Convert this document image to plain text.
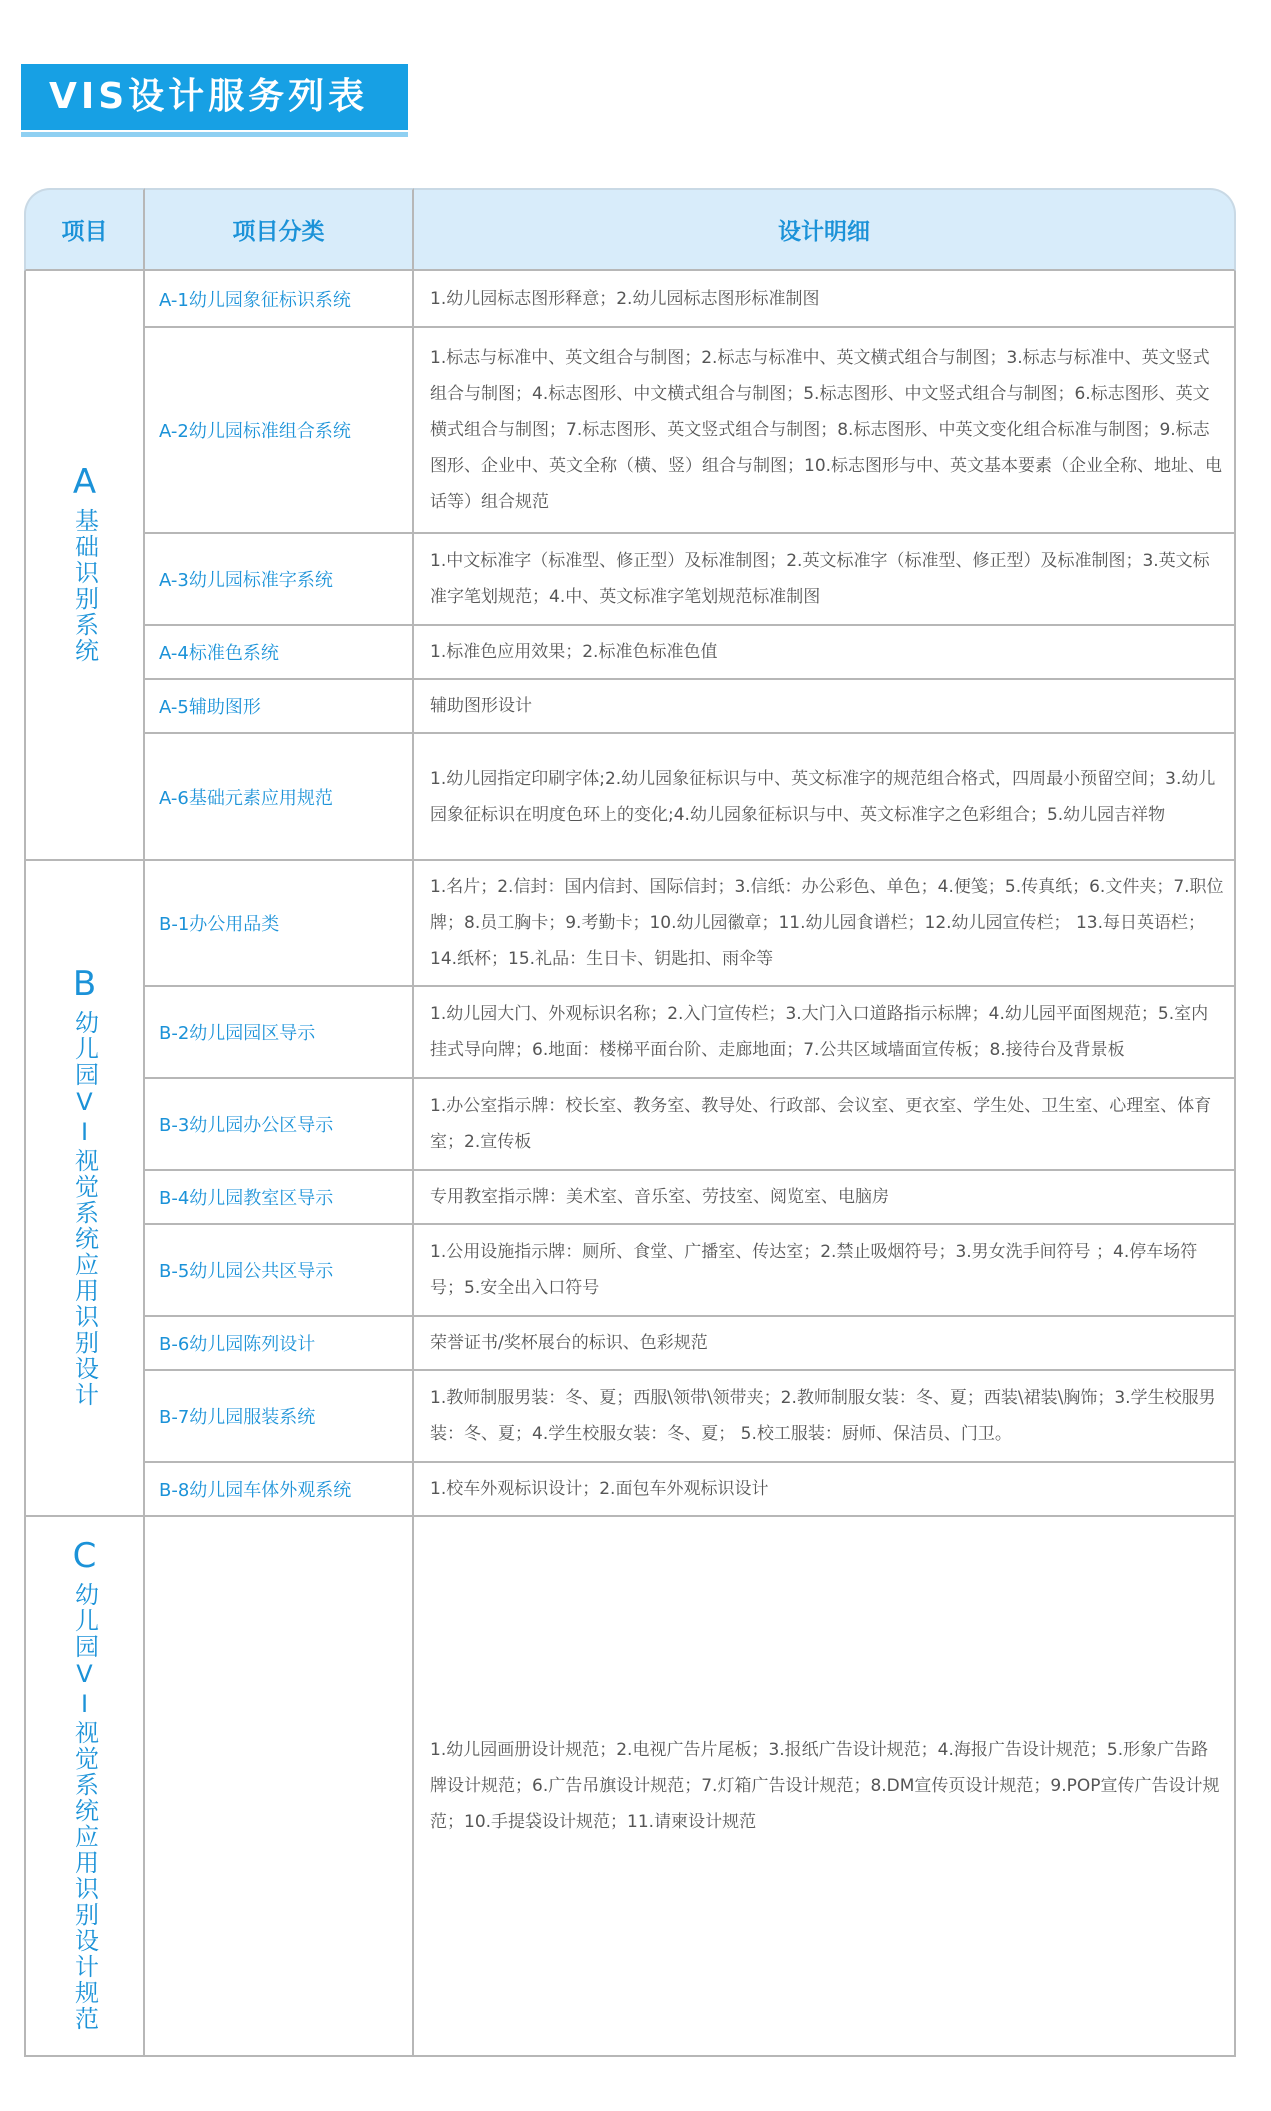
VIS设计服务列表
项目	项目分类	设计明细

A
基础识别系统	A-1幼儿园象征标识系统	1.幼儿园标志图形释意；2.幼儿园标志图形标准制图
	A-2幼儿园标准组合系统	1.标志与标准中、英文组合与制图；2.标志与标准中、英文横式组合与制图；3.标志与标准中、英文竖式组合与制图；4.标志图形、中文横式组合与制图；5.标志图形、中文竖式组合与制图；6.标志图形、英文横式组合与制图；7.标志图形、英文竖式组合与制图；8.标志图形、中英文变化组合标准与制图；9.标志图形、企业中、英文全称（横、竖）组合与制图；10.标志图形与中、英文基本要素（企业全称、地址、电话等）组合规范
	A-3幼儿园标准字系统	1.中文标准字（标准型、修正型）及标准制图；2.英文标准字（标准型、修正型）及标准制图；3.英文标准字笔划规范；4.中、英文标准字笔划规范标准制图
	A-4标准色系统	1.标准色应用效果；2.标准色标准色值
	A-5辅助图形	辅助图形设计
	A-6基础元素应用规范	1.幼儿园指定印刷字体;2.幼儿园象征标识与中、英文标准字的规范组合格式，四周最小预留空间；3.幼儿园象征标识在明度色环上的变化;4.幼儿园象征标识与中、英文标准字之色彩组合；5.幼儿园吉祥物

B
幼儿园VI视觉系统应用识别设计	B-1办公用品类	1.名片；2.信封：国内信封、国际信封；3.信纸：办公彩色、单色；4.便笺；5.传真纸；6.文件夹；7.职位牌；8.员工胸卡；9.考勤卡；10.幼儿园徽章；11.幼儿园食谱栏；12.幼儿园宣传栏； 13.每日英语栏；14.纸杯；15.礼品：生日卡、钥匙扣、雨伞等
	B-2幼儿园园区导示	1.幼儿园大门、外观标识名称；2.入门宣传栏；3.大门入口道路指示标牌；4.幼儿园平面图规范；5.室内挂式导向牌；6.地面：楼梯平面台阶、走廊地面；7.公共区域墙面宣传板；8.接待台及背景板
	B-3幼儿园办公区导示	1.办公室指示牌：校长室、教务室、教导处、行政部、会议室、更衣室、学生处、卫生室、心理室、体育室；2.宣传板
	B-4幼儿园教室区导示	专用教室指示牌：美术室、音乐室、劳技室、阅览室、电脑房
	B-5幼儿园公共区导示	1.公用设施指示牌：厕所、食堂、广播室、传达室；2.禁止吸烟符号；3.男女洗手间符号 ；4.停车场符号；5.安全出入口符号
	B-6幼儿园陈列设计	荣誉证书/奖杯展台的标识、色彩规范
	B-7幼儿园服装系统	1.教师制服男装：冬、夏；西服\领带\领带夹；2.教师制服女装：冬、夏；西装\裙装\胸饰；3.学生校服男装：冬、夏；4.学生校服女装：冬、夏； 5.校工服装：厨师、保洁员、门卫。
	B-8幼儿园车体外观系统	1.校车外观标识设计；2.面包车外观标识设计

C
幼儿园VI视觉系统应用识别设计规范		1.幼儿园画册设计规范；2.电视广告片尾板；3.报纸广告设计规范；4.海报广告设计规范；5.形象广告路牌设计规范；6.广告吊旗设计规范；7.灯箱广告设计规范；8.DM宣传页设计规范；9.POP宣传广告设计规范；10.手提袋设计规范；11.请柬设计规范
